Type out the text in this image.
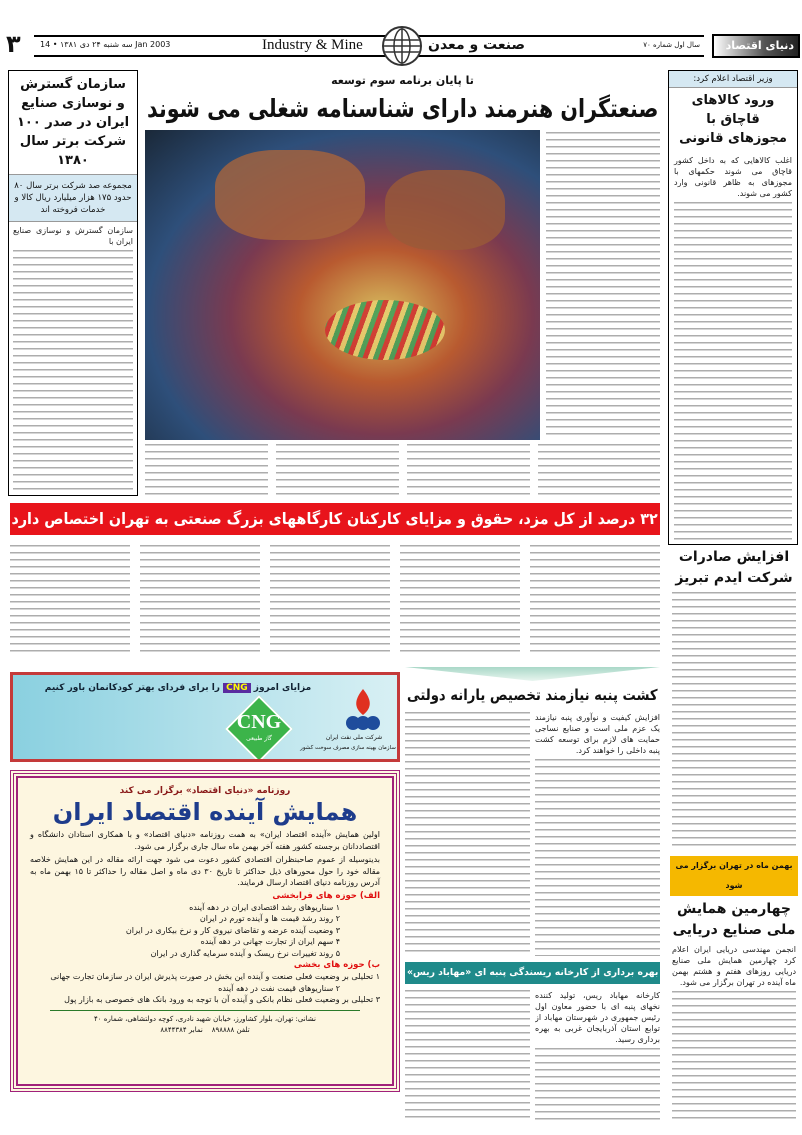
۳ سه شنبه ۲۴ دی ۱۳۸۱ • 14 Jan 2003	Industry & Mine	صنعت و معدن	سال اول شماره ۷۰ دنیای اقتصاد
سازمان گسترش و نوسازی صنایع ایران در صدر ۱۰۰ شرکت برتر سال ۱۳۸۰
مجموعه صد شرکت برتر سال ۸۰ حدود ۱۷۵ هزار میلیارد ریال کالا و خدمات فروخته اند
سازمان گسترش و نوسازی صنایع ایران با
وزیر اقتصاد اعلام کرد:
ورود کالاهای قاچاق با مجوزهای قانونی
اغلب کالاهایی که به داخل کشور قاچاق می شوند حکمهای با مجوزهای به ظاهر قانونی وارد کشور می شوند.
تا پایان برنامه سوم توسعه
صنعتگران هنرمند دارای شناسنامه شغلی می شوند
۳۲ درصد از کل مزد، حقوق و مزایای کارکنان کارگاههای بزرگ صنعتی به تهران اختصاص دارد
افزایش صادرات شرکت ایدم تبریز
بهمن ماه در تهران برگزار می شود
چهارمین همایش ملی صنایع دریایی
انجمن مهندسی دریایی ایران اعلام کرد چهارمین همایش ملی صنایع دریایی روزهای هفتم و هشتم بهمن ماه آینده در تهران برگزار می شود.
کشت پنبه نیازمند تخصیص یارانه دولتی
افزایش کیفیت و نوآوری پنبه نیازمند یک عزم ملی است و صنایع نساجی حمایت های لازم برای توسعه کشت پنبه داخلی را خواهند کرد.
بهره برداری از کارخانه ریسندگی پنبه ای «مهاباد ریس»
کارخانه مهاباد ریس، تولید کننده نخهای پنبه ای با حضور معاون اول رئیس جمهوری در شهرستان مهاباد از توابع استان آذربایجان غربی به بهره برداری رسید.
CNG
گاز طبیعی
مزایای امروز CNG را برای فردای بهتر کودکانمان باور کنیم
شرکت ملی نفت ایران
سازمان بهینه سازی مصرف سوخت کشور
روزنامه «دنیای اقتصاد» برگزار می کند
همایش آینده اقتصاد ایران
اولین همایش «آینده اقتصاد ایران» به همت روزنامه «دنیای اقتصاد» و با همکاری استادان دانشگاه و اقتصاددانان برجسته کشور هفته آخر بهمن ماه سال جاری برگزار می شود.
بدینوسیله از عموم صاحبنظران اقتصادی کشور دعوت می شود جهت ارائه مقاله در این همایش خلاصه مقاله خود را حول محورهای ذیل حداکثر تا تاریخ ۳۰ دی ماه و اصل مقاله را حداکثر تا ۱۵ بهمن ماه به آدرس روزنامه دنیای اقتصاد ارسال فرمایند.
الف) حوزه های فرابخشی
۱ سناریوهای رشد اقتصادی ایران در دهه آینده
۲ روند رشد قیمت ها و آینده تورم در ایران
۳ وضعیت آینده عرضه و تقاضای نیروی کار و نرخ بیکاری در ایران
۴ سهم ایران از تجارت جهانی در دهه آینده
۵ روند تغییرات نرخ ریسک و آینده سرمایه گذاری در ایران
ب) حوزه های بخشی
۱ تحلیلی بر وضعیت فعلی صنعت و آینده این بخش در صورت پذیرش ایران در سازمان تجارت جهانی
۲ سناریوهای قیمت نفت در دهه آینده
۳ تحلیلی بر وضعیت فعلی نظام بانکی و آینده آن با توجه به ورود بانک های خصوصی به بازار پول
نشانی: تهران، بلوار کشاورز، خیابان شهید نادری، کوچه دولتشاهی، شماره ۴۰
تلفن ۸۹۸۸۸۸    نمابر ۸۸۴۴۳۸۴
